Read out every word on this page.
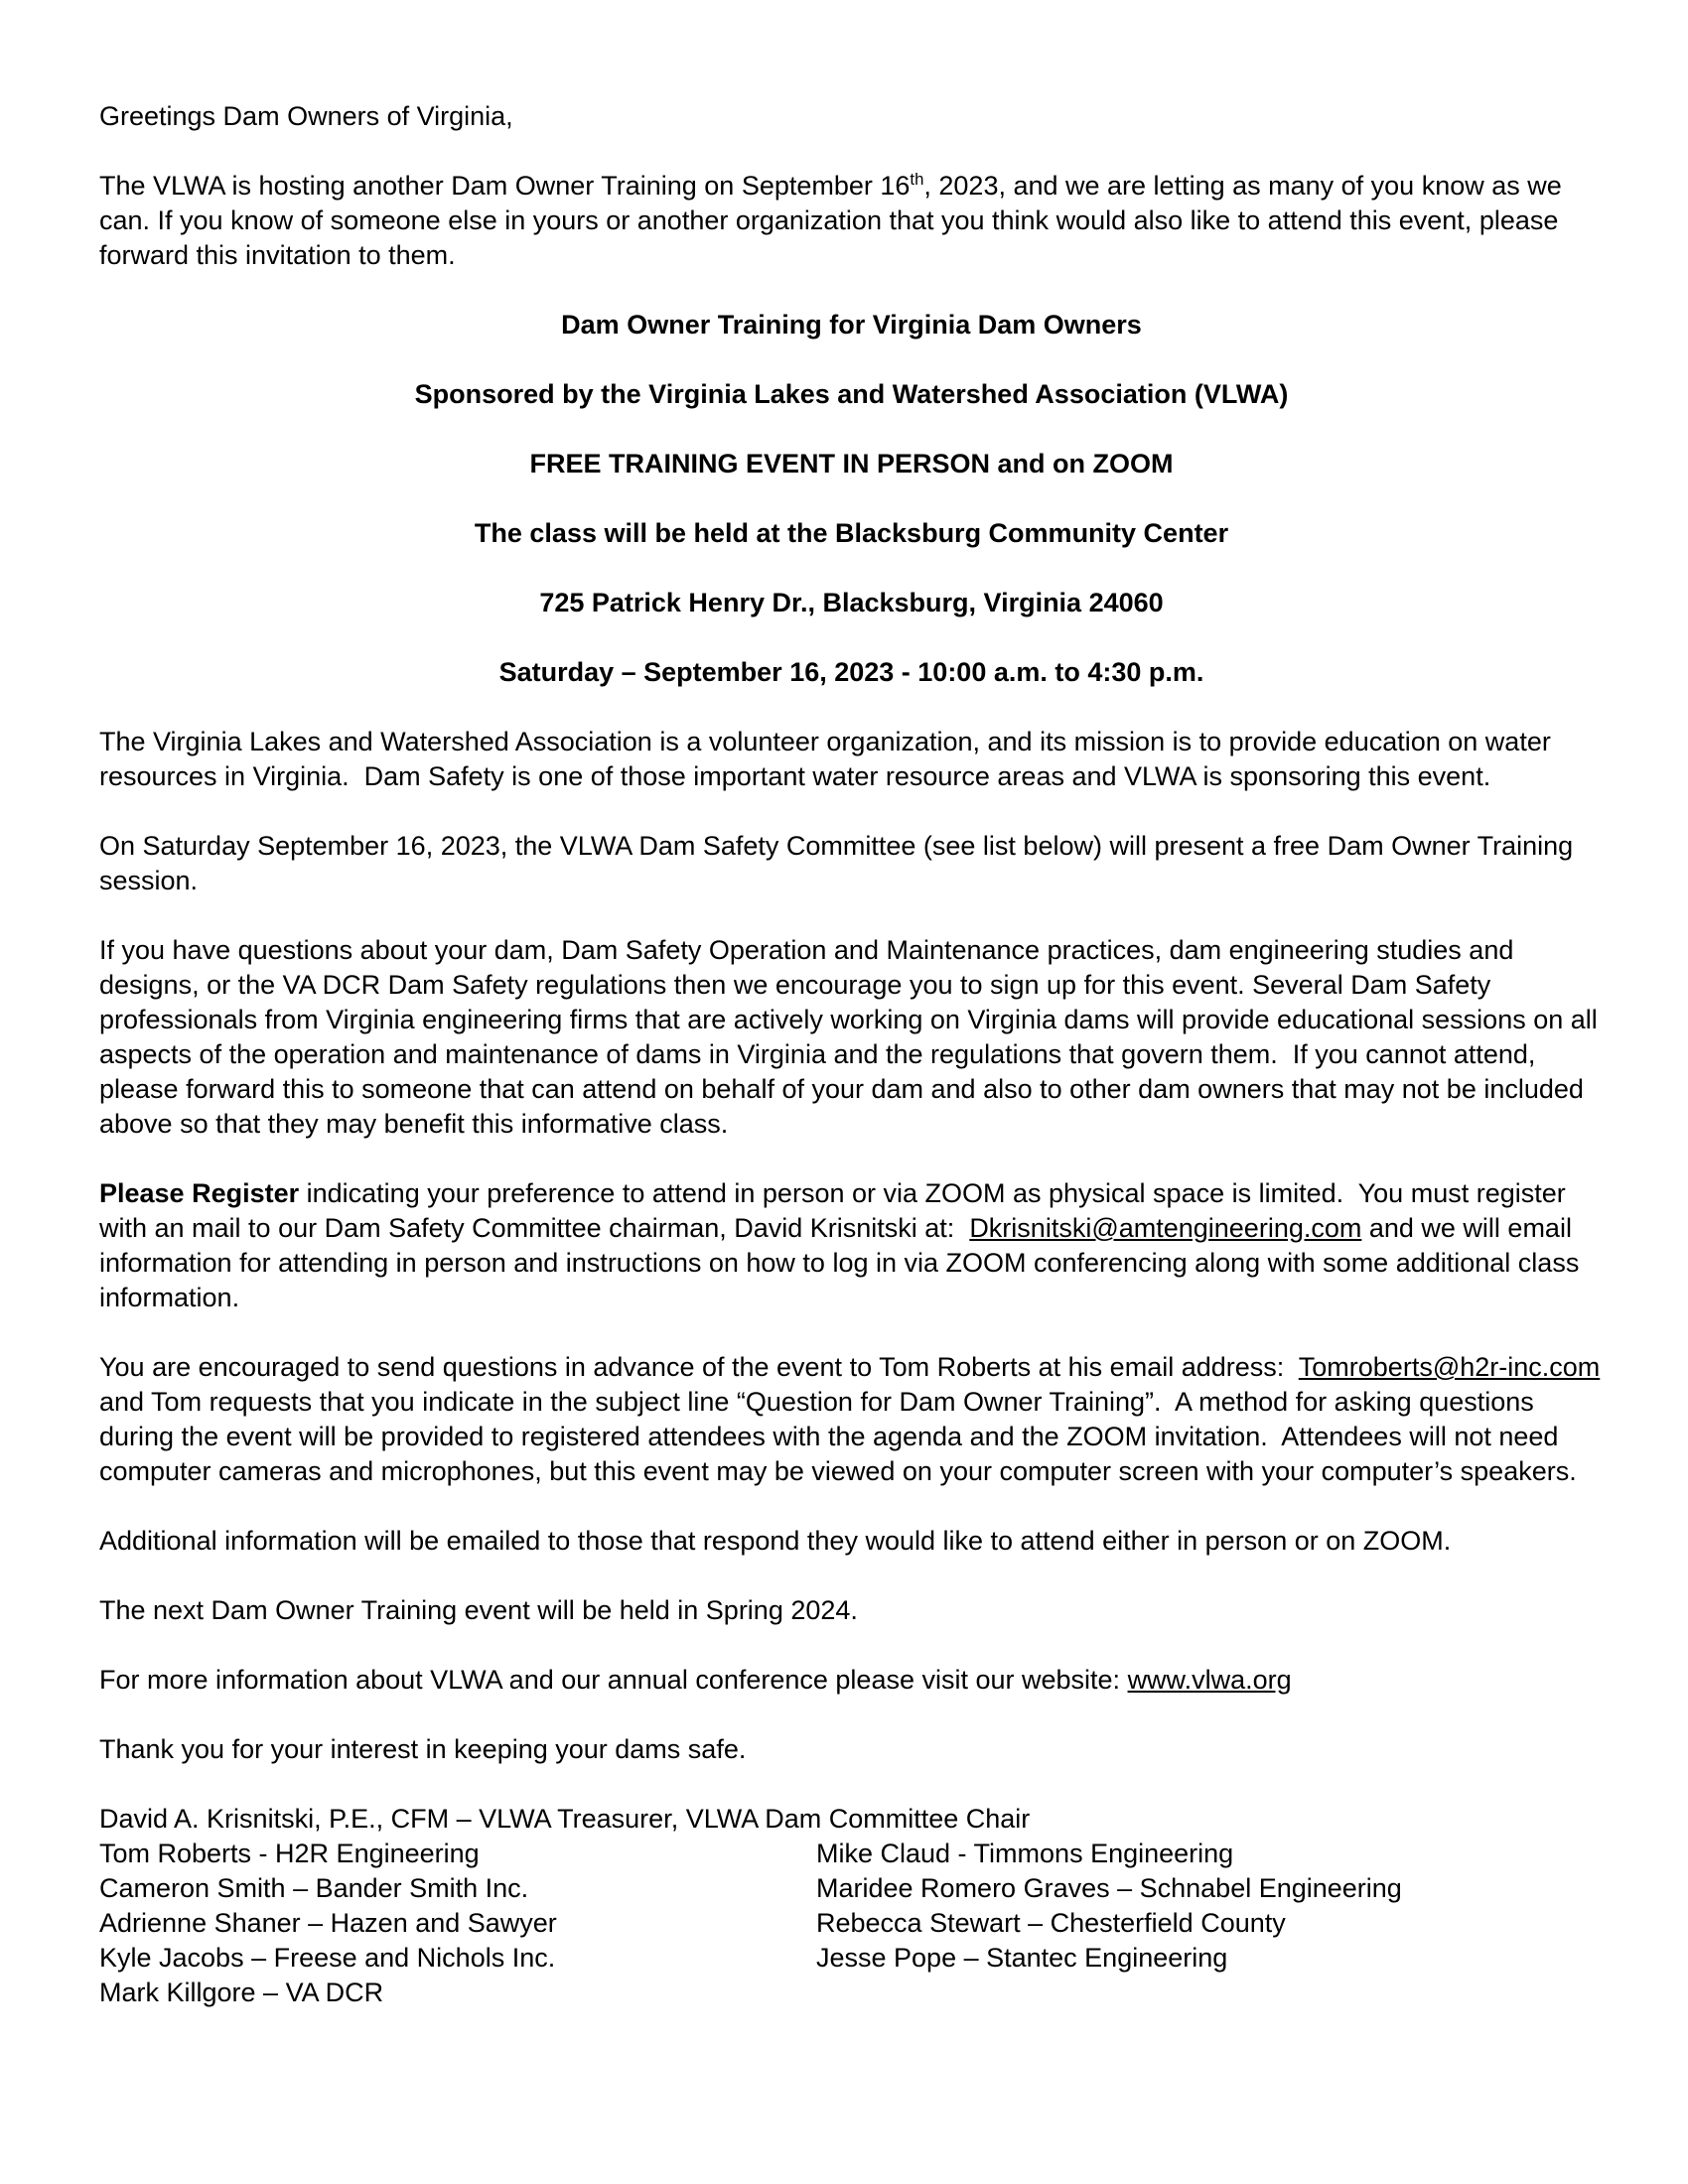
Greetings Dam Owners of Virginia,

The VLWA is hosting another Dam Owner Training on September 16th, 2023, and we are letting as many of you know as we can. If you know of someone else in yours or another organization that you think would also like to attend this event, please forward this invitation to them.

Dam Owner Training for Virginia Dam Owners

Sponsored by the Virginia Lakes and Watershed Association (VLWA)

FREE TRAINING EVENT IN PERSON and on ZOOM

The class will be held at the Blacksburg Community Center

725 Patrick Henry Dr., Blacksburg, Virginia 24060

Saturday – September 16, 2023 - 10:00 a.m. to 4:30 p.m.

The Virginia Lakes and Watershed Association is a volunteer organization, and its mission is to provide education on water resources in Virginia.  Dam Safety is one of those important water resource areas and VLWA is sponsoring this event.

On Saturday September 16, 2023, the VLWA Dam Safety Committee (see list below) will present a free Dam Owner Training session.

If you have questions about your dam, Dam Safety Operation and Maintenance practices, dam engineering studies and designs, or the VA DCR Dam Safety regulations then we encourage you to sign up for this event. Several Dam Safety professionals from Virginia engineering firms that are actively working on Virginia dams will provide educational sessions on all aspects of the operation and maintenance of dams in Virginia and the regulations that govern them.  If you cannot attend, please forward this to someone that can attend on behalf of your dam and also to other dam owners that may not be included above so that they may benefit this informative class.

Please Register indicating your preference to attend in person or via ZOOM as physical space is limited.  You must register with an mail to our Dam Safety Committee chairman, David Krisnitski at:  Dkrisnitski@amtengineering.com and we will email information for attending in person and instructions on how to log in via ZOOM conferencing along with some additional class information.

You are encouraged to send questions in advance of the event to Tom Roberts at his email address:  Tomroberts@h2r-inc.com and Tom requests that you indicate in the subject line “Question for Dam Owner Training”.  A method for asking questions during the event will be provided to registered attendees with the agenda and the ZOOM invitation.  Attendees will not need computer cameras and microphones, but this event may be viewed on your computer screen with your computer’s speakers.

Additional information will be emailed to those that respond they would like to attend either in person or on ZOOM.

The next Dam Owner Training event will be held in Spring 2024.

For more information about VLWA and our annual conference please visit our website: www.vlwa.org

Thank you for your interest in keeping your dams safe.

David A. Krisnitski, P.E., CFM – VLWA Treasurer, VLWA Dam Committee Chair
Tom Roberts - H2R Engineering	Mike Claud - Timmons Engineering
Cameron Smith – Bander Smith Inc.	Maridee Romero Graves – Schnabel Engineering
Adrienne Shaner – Hazen and Sawyer	Rebecca Stewart – Chesterfield County
Kyle Jacobs – Freese and Nichols Inc.	Jesse Pope – Stantec Engineering
Mark Killgore – VA DCR
